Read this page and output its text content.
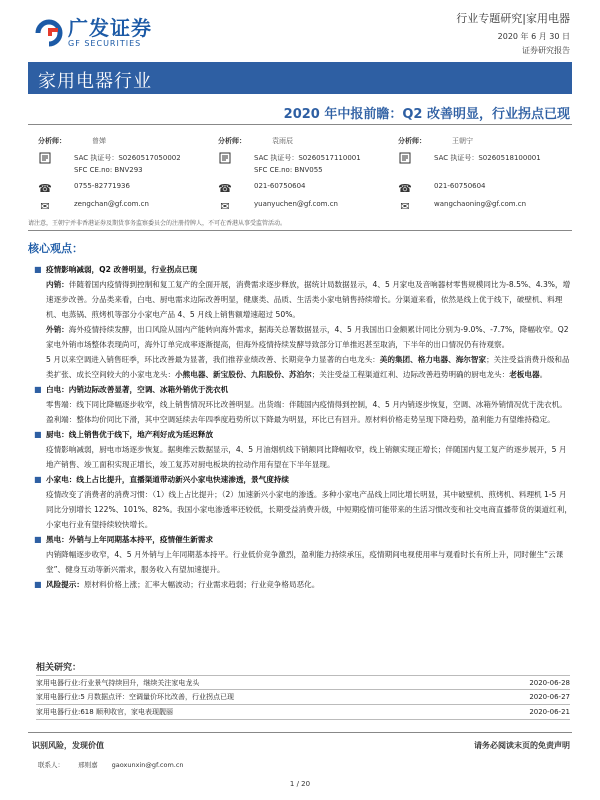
广发证券
GF SECURITIES
行业专题研究|家用电器
2020 年 6 月 30 日
证券研究报告
家用电器行业
2020 年中报前瞻：Q2 改善明显，行业拐点已现
分析师：	曾婵
SAC 执证号：S0260517050002
SFC CE.no: BNV293
☎	0755-82771936
✉	zengchan@gf.com.cn
分析师：	袁雨辰
SAC 执证号：S0260517110001
SFC CE.no: BNV055
☎	021-60750604
✉	yuanyuchen@gf.com.cn
分析师：	王朝宁
SAC 执证号：S0260518100001
☎	021-60750604
✉	wangchaoning@gf.com.cn
请注意，王朝宁并非香港证券及期货事务监察委员会的注册持牌人，不可在香港从事受监管活动。
核心观点：
■ 疫情影响减弱，Q2 改善明显，行业拐点已现
内销：伴随着国内疫情得到控制和复工复产的全面开展，消费需求逐步释放，据统计局数据显示，4、5 月家电及音响器材零售规模同比为-8.5%、4.3%，增速逐步改善。分品类来看，白电、厨电需求边际改善明显，健康类、品质、生活类小家电销售持续增长。分渠道来看，依然是线上优于线下，破壁机、料理机、电蒸锅、煎烤机等部分小家电产品 4、5 月线上销售额增速超过 50%。
外销：海外疫情持续发酵，出口风险从国内产能转向海外需求，据海关总署数据显示，4、5 月我国出口金额累计同比分别为-9.0%、-7.7%，降幅收窄。Q2 家电外销市场整体表现尚可，海外订单完成率逐渐提高，但海外疫情持续发酵导致部分订单推迟甚至取消，下半年的出口情况仍有待观察。
5 月以来空调进入销售旺季，环比改善最为显著，我们推荐业绩改善、长期竞争力显著的白电龙头：美的集团、格力电器、海尔智家；关注受益消费升级和品类扩张、成长空间较大的小家电龙头：小熊电器、新宝股份、九阳股份、苏泊尔；关注受益工程渠道红利、边际改善趋势明确的厨电龙头：老板电器。
■ 白电：内销边际改善显著，空调、冰箱外销优于洗衣机
零售端：线下同比降幅逐步收窄，线上销售情况环比改善明显。出货端：伴随国内疫情得到控制，4、5 月内销逐步恢复，空调、冰箱外销情况优于洗衣机。盈利端：整体均价同比下滑，其中空调延续去年四季度趋势所以下降最为明显，环比已有回升。原材料价格走势呈现下降趋势，盈利能力有望维持稳定。
■ 厨电：线上销售优于线下，地产利好成为延迟释放
疫情影响减弱，厨电市场逐步恢复。据奥维云数据显示，4、5 月油烟机线下销额同比降幅收窄，线上销额实现正增长；伴随国内复工复产的逐步展开，5 月地产销售、竣工面积实现正增长，竣工复苏对厨电板块的拉动作用有望在下半年显现。
■ 小家电：线上占比提升，直播渠道带动新兴小家电快速渗透，景气度持续
疫情改变了消费者的消费习惯：（1）线上占比提升；（2）加速新兴小家电的渗透。多种小家电产品线上同比增长明显，其中破壁机、煎烤机、料理机 1-5 月同比分别增长 122%、101%、82%。我国小家电渗透率还较低，长期受益消费升级，中短期疫情可能带来的生活习惯改变和社交电商直播带货的渠道红利，小家电行业有望持续较快增长。
■ 黑电：外销与上年同期基本持平，疫情催生新需求
内销降幅逐步收窄，4、5 月外销与上年同期基本持平。行业低价竞争激烈，盈利能力持续承压，疫情期间电视使用率与观看时长有所上升，同时催生“云课堂”、健身互动等新兴需求，服务收入有望加速提升。
■ 风险提示：原材料价格上涨；汇率大幅波动；行业需求趋弱；行业竞争格局恶化。
相关研究：
家用电器行业:行业景气持续回升，继续关注家电龙头	2020-06-28
家用电器行业:5 月数据点评：空调量价环比改善，行业拐点已现	2020-06-27
家用电器行业:618 顺利收官，家电表现靓丽	2020-06-21
识别风险，发现价值	请务必阅读末页的免责声明
联系人： 邢则嘉 gaoxunxin@gf.com.cn
1 / 20
